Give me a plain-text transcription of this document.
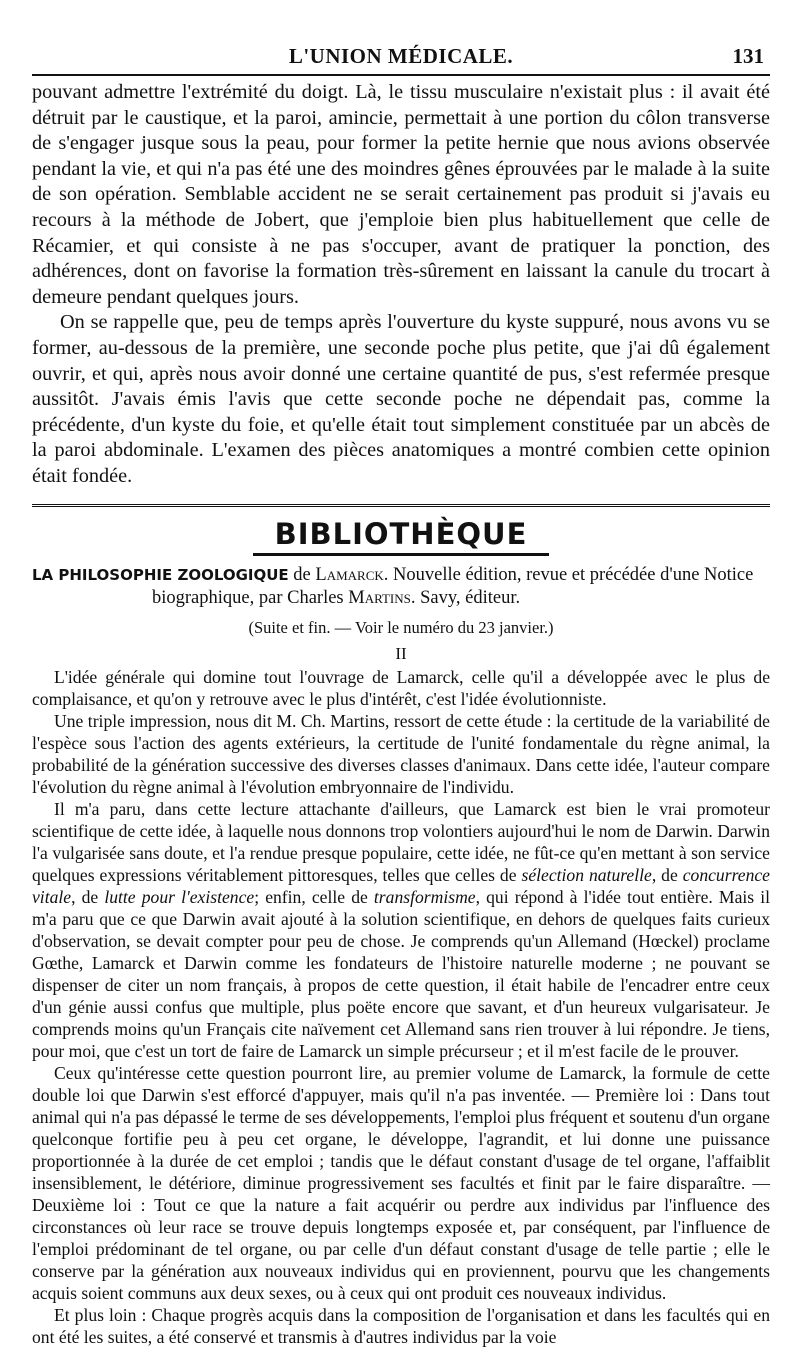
L'UNION MÉDICALE.	131

pouvant admettre l'extrémité du doigt. Là, le tissu musculaire n'existait plus : il avait été détruit par le caustique, et la paroi, amincie, permettait à une portion du côlon transverse de s'engager jusque sous la peau, pour former la petite hernie que nous avions observée pendant la vie, et qui n'a pas été une des moindres gênes éprouvées par le malade à la suite de son opération. Semblable accident ne se serait certainement pas produit si j'avais eu recours à la méthode de Jobert, que j'emploie bien plus habituellement que celle de Récamier, et qui consiste à ne pas s'occuper, avant de pratiquer la ponction, des adhérences, dont on favorise la formation très-sûrement en laissant la canule du trocart à demeure pendant quelques jours.

On se rappelle que, peu de temps après l'ouverture du kyste suppuré, nous avons vu se former, au-dessous de la première, une seconde poche plus petite, que j'ai dû également ouvrir, et qui, après nous avoir donné une certaine quantité de pus, s'est refermée presque aussitôt. J'avais émis l'avis que cette seconde poche ne dépendait pas, comme la précédente, d'un kyste du foie, et qu'elle était tout simplement constituée par un abcès de la paroi abdominale. L'examen des pièces anatomiques a montré combien cette opinion était fondée.

BIBLIOTHÈQUE
LA PHILOSOPHIE ZOOLOGIQUE de Lamarck. Nouvelle édition, revue et précédée d'une Notice
biographique, par Charles Martins. Savy, éditeur.
(Suite et fin. — Voir le numéro du 23 janvier.)
II

L'idée générale qui domine tout l'ouvrage de Lamarck, celle qu'il a développée avec le plus de complaisance, et qu'on y retrouve avec le plus d'intérêt, c'est l'idée évolutionniste.

Une triple impression, nous dit M. Ch. Martins, ressort de cette étude : la certitude de la variabilité de l'espèce sous l'action des agents extérieurs, la certitude de l'unité fondamentale du règne animal, la probabilité de la génération successive des diverses classes d'animaux. Dans cette idée, l'auteur compare l'évolution du règne animal à l'évolution embryonnaire de l'individu.

Il m'a paru, dans cette lecture attachante d'ailleurs, que Lamarck est bien le vrai promoteur scientifique de cette idée, à laquelle nous donnons trop volontiers aujourd'hui le nom de Darwin. Darwin l'a vulgarisée sans doute, et l'a rendue presque populaire, cette idée, ne fût-ce qu'en mettant à son service quelques expressions véritablement pittoresques, telles que celles de sélection naturelle, de concurrence vitale, de lutte pour l'existence; enfin, celle de transformisme, qui répond à l'idée tout entière. Mais il m'a paru que ce que Darwin avait ajouté à la solution scientifique, en dehors de quelques faits curieux d'observation, se devait compter pour peu de chose. Je comprends qu'un Allemand (Hœckel) proclame Gœthe, Lamarck et Darwin comme les fondateurs de l'histoire naturelle moderne ; ne pouvant se dispenser de citer un nom français, à propos de cette question, il était habile de l'encadrer entre ceux d'un génie aussi confus que multiple, plus poëte encore que savant, et d'un heureux vulgarisateur. Je comprends moins qu'un Français cite naïvement cet Allemand sans rien trouver à lui répondre. Je tiens, pour moi, que c'est un tort de faire de Lamarck un simple précurseur ; et il m'est facile de le prouver.

Ceux qu'intéresse cette question pourront lire, au premier volume de Lamarck, la formule de cette double loi que Darwin s'est efforcé d'appuyer, mais qu'il n'a pas inventée. — Première loi : Dans tout animal qui n'a pas dépassé le terme de ses développements, l'emploi plus fréquent et soutenu d'un organe quelconque fortifie peu à peu cet organe, le développe, l'agrandit, et lui donne une puissance proportionnée à la durée de cet emploi ; tandis que le défaut constant d'usage de tel organe, l'affaiblit insensiblement, le détériore, diminue progressivement ses facultés et finit par le faire disparaître. — Deuxième loi : Tout ce que la nature a fait acquérir ou perdre aux individus par l'influence des circonstances où leur race se trouve depuis longtemps exposée et, par conséquent, par l'influence de l'emploi prédominant de tel organe, ou par celle d'un défaut constant d'usage de telle partie ; elle le conserve par la génération aux nouveaux individus qui en proviennent, pourvu que les changements acquis soient communs aux deux sexes, ou à ceux qui ont produit ces nouveaux individus.

Et plus loin : Chaque progrès acquis dans la composition de l'organisation et dans les facultés qui en ont été les suites, a été conservé et transmis à d'autres individus par la voie
